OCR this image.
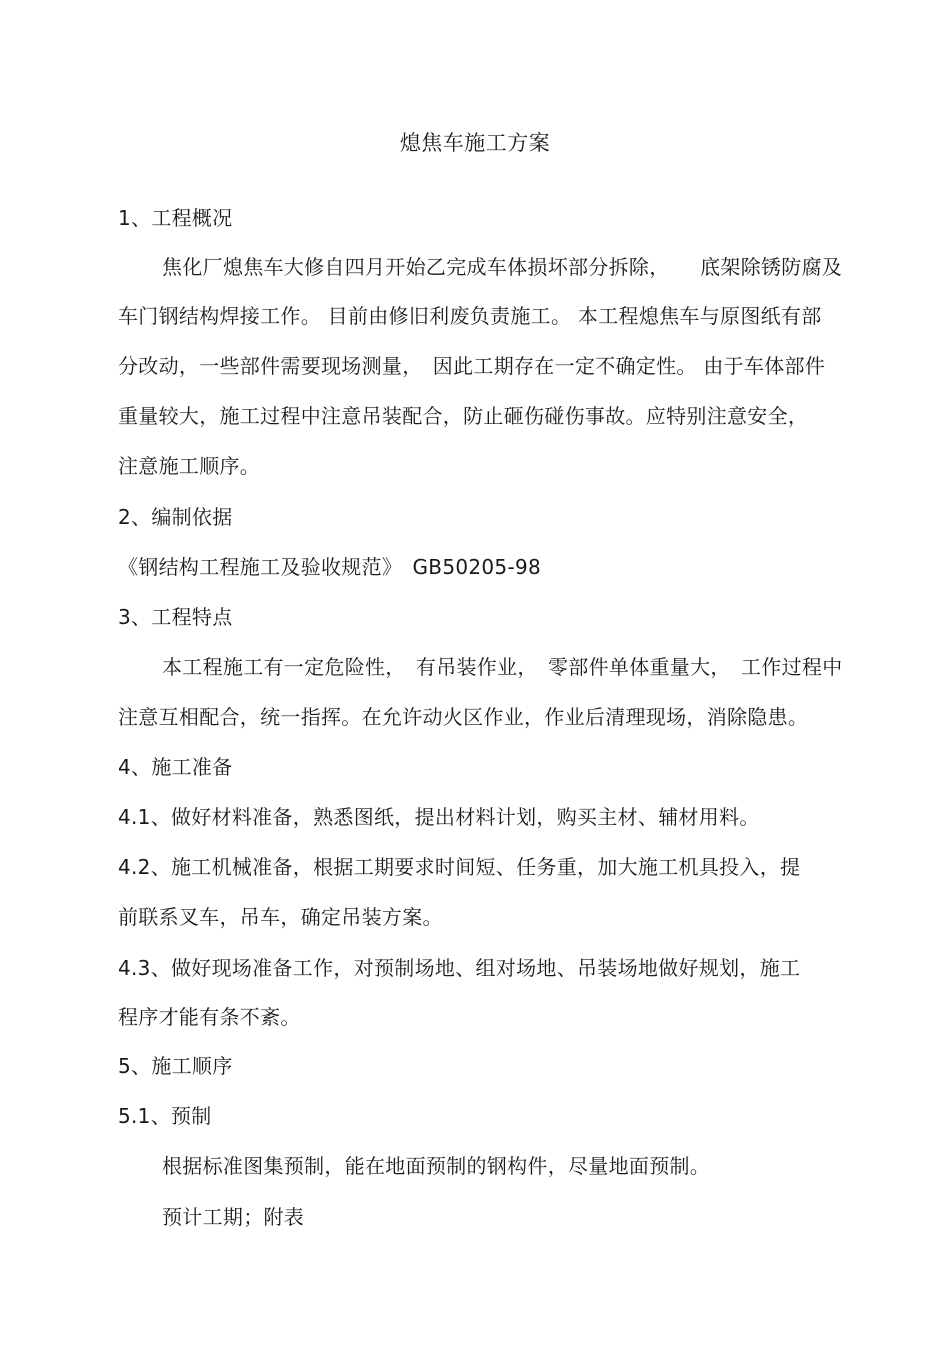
熄焦车施工方案
1、工程概况
焦化厂熄焦车大修自四月开始乙完成车体损坏部分拆除，　　底架除锈防腐及
车门钢结构焊接工作。 目前由修旧利废负责施工。 本工程熄焦车与原图纸有部
分改动，一些部件需要现场测量，　因此工期存在一定不确定性。 由于车体部件
重量较大，施工过程中注意吊装配合，防止砸伤碰伤事故。应特别注意安全，
注意施工顺序。
2、编制依据
《钢结构工程施工及验收规范》　GB50205-98
3、工程特点
本工程施工有一定危险性，　有吊装作业，　零部件单体重量大，　工作过程中
注意互相配合，统一指挥。在允许动火区作业，作业后清理现场，消除隐患。
4、施工准备
4.1、做好材料准备，熟悉图纸，提出材料计划，购买主材、辅材用料。
4.2、施工机械准备，根据工期要求时间短、任务重，加大施工机具投入，提
前联系叉车，吊车，确定吊装方案。
4.3、做好现场准备工作，对预制场地、组对场地、吊装场地做好规划，施工
程序才能有条不紊。
5、施工顺序
5.1、预制
根据标准图集预制，能在地面预制的钢构件，尽量地面预制。
预计工期；附表
